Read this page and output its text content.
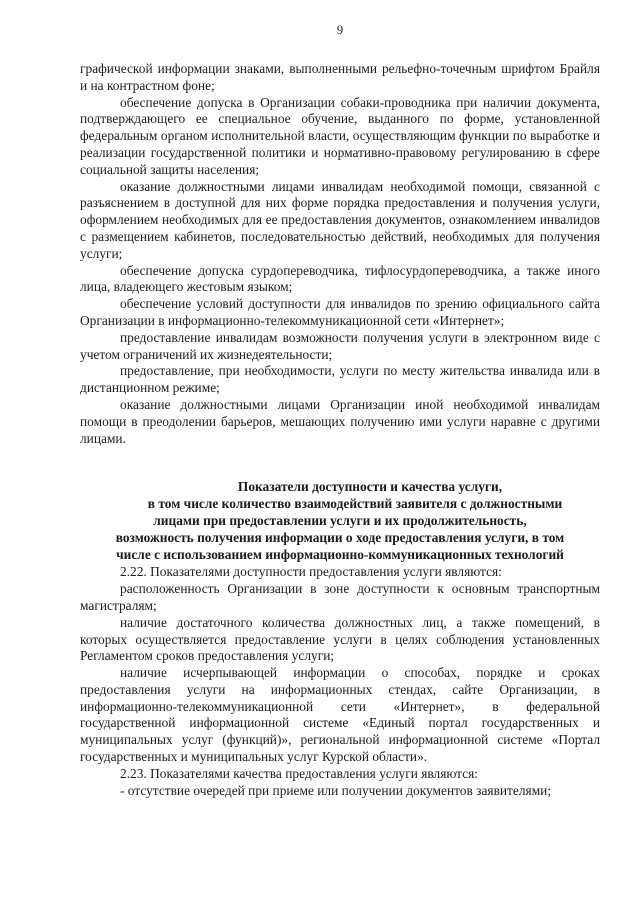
9

графической информации знаками, выполненными рельефно-точечным шрифтом Брайля и на контрастном фоне;

обеспечение допуска в Организации собаки-проводника при наличии документа, подтверждающего ее специальное обучение, выданного по форме, установленной федеральным органом исполнительной власти, осуществляющим функции по выработке и реализации государственной политики и нормативно-правовому регулированию в сфере социальной защиты населения;

оказание должностными лицами инвалидам необходимой помощи, связанной с разъяснением в доступной для них форме порядка предоставления и получения услуги, оформлением необходимых для ее предоставления документов, ознакомлением инвалидов с размещением кабинетов, последовательностью действий, необходимых для получения услуги;

обеспечение допуска сурдопереводчика, тифлосурдопереводчика, а также иного лица, владеющего жестовым языком;

обеспечение условий доступности для инвалидов по зрению официального сайта Организации в информационно-телекоммуникационной сети «Интернет»;

предоставление инвалидам возможности получения услуги в электронном виде с учетом ограничений их жизнедеятельности;

предоставление, при необходимости, услуги по месту жительства инвалида или в дистанционном режиме;

оказание должностными лицами Организации иной необходимой инвалидам помощи в преодолении барьеров, мешающих получению ими услуги наравне с другими лицами.

Показатели доступности и качества услуги,
в том числе количество взаимодействий заявителя с должностными
лицами при предоставлении услуги и их продолжительность,
возможность получения информации о ходе предоставления услуги, в том
числе с использованием информационно-коммуникационных технологий

2.22. Показателями доступности предоставления услуги являются:

расположенность Организации в зоне доступности к основным транспортным магистралям;

наличие достаточного количества должностных лиц, а также помещений, в которых осуществляется предоставление услуги в целях соблюдения установленных Регламентом сроков предоставления услуги;

наличие исчерпывающей информации о способах, порядке и сроках предоставления услуги на информационных стендах, сайте Организации, в информационно-телекоммуникационной сети «Интернет», в федеральной государственной информационной системе «Единый портал государственных и муниципальных услуг (функций)», региональной информационной системе «Портал государственных и муниципальных услуг Курской области».

2.23. Показателями качества предоставления услуги являются:

- отсутствие очередей при приеме или получении документов заявителями;
